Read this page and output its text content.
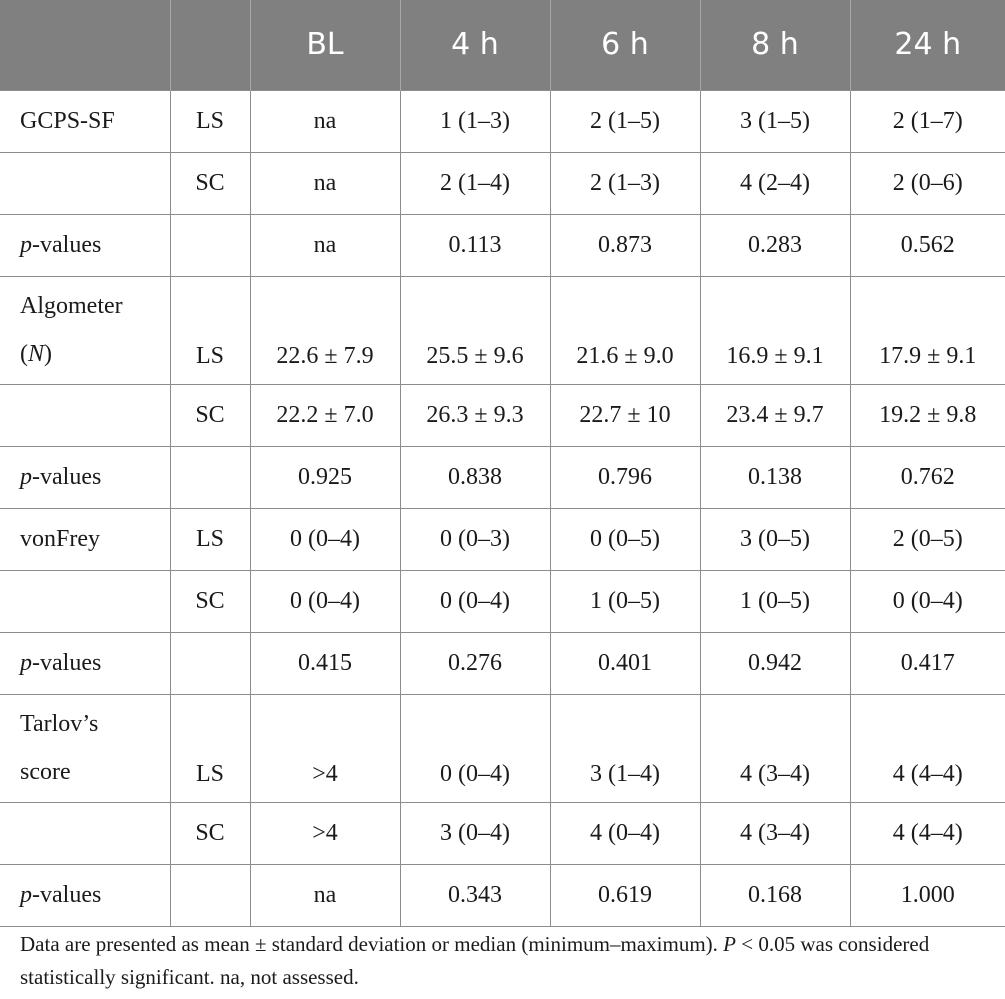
		BL	4 h	6 h	8 h	24 h
GCPS-SF	LS	na	1 (1–3)	2 (1–5)	3 (1–5)	2 (1–7)
	SC	na	2 (1–4)	2 (1–3)	4 (2–4)	2 (0–6)
p-values		na	0.113	0.873	0.283	0.562
Algometer
(N)	LS	22.6 ± 7.9	25.5 ± 9.6	21.6 ± 9.0	16.9 ± 9.1	17.9 ± 9.1
	SC	22.2 ± 7.0	26.3 ± 9.3	22.7 ± 10	23.4 ± 9.7	19.2 ± 9.8
p-values		0.925	0.838	0.796	0.138	0.762
vonFrey	LS	0 (0–4)	0 (0–3)	0 (0–5)	3 (0–5)	2 (0–5)
	SC	0 (0–4)	0 (0–4)	1 (0–5)	1 (0–5)	0 (0–4)
p-values		0.415	0.276	0.401	0.942	0.417
Tarlov’s
score	LS	>4	0 (0–4)	3 (1–4)	4 (3–4)	4 (4–4)
	SC	>4	3 (0–4)	4 (0–4)	4 (3–4)	4 (4–4)
p-values		na	0.343	0.619	0.168	1.000
Data are presented as mean ± standard deviation or median (minimum–maximum). P < 0.05 was considered statistically significant. na, not assessed.
